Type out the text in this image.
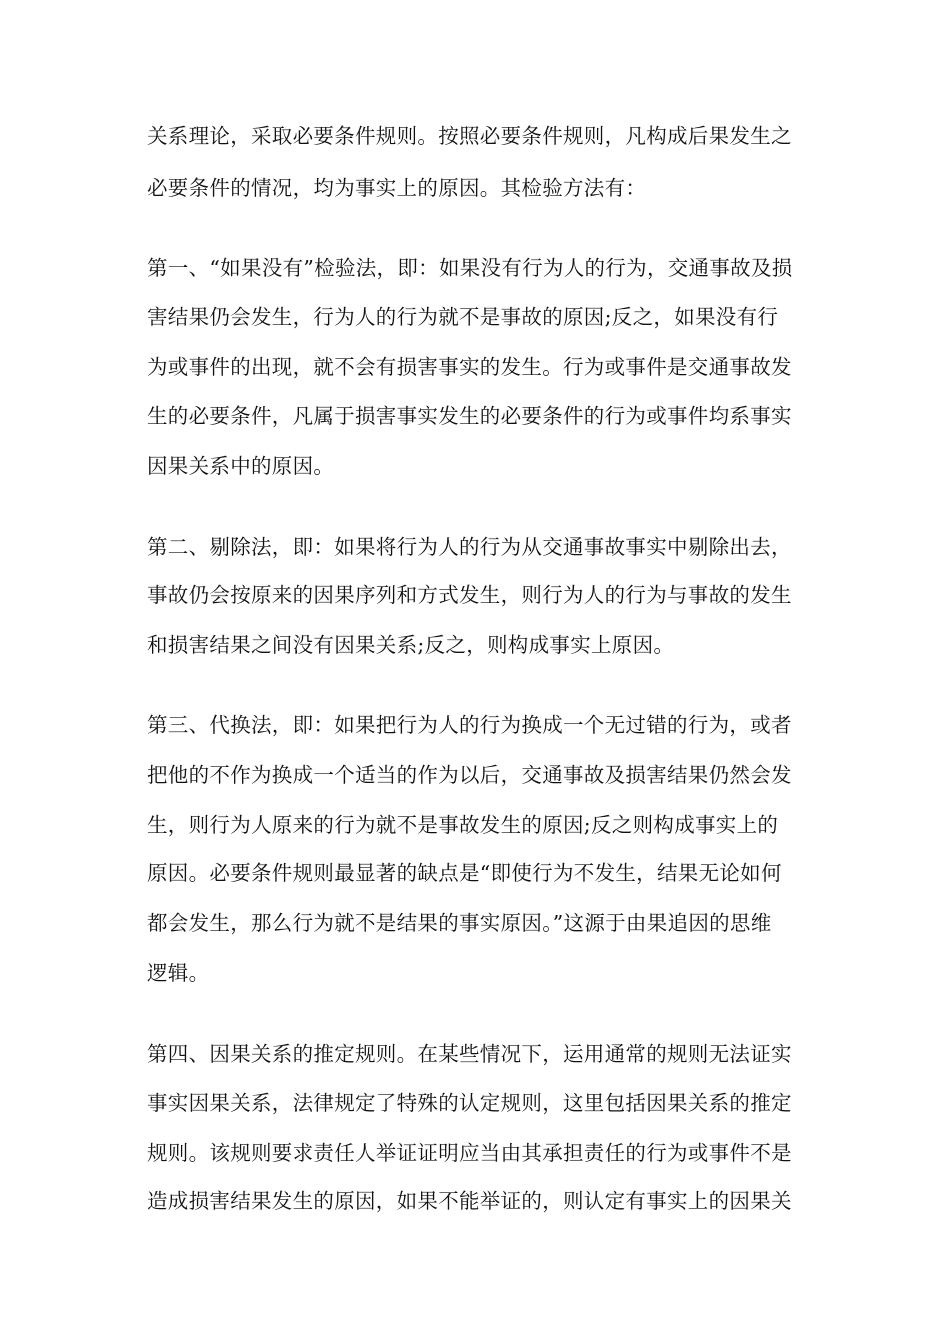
关系理论，采取必要条件规则。按照必要条件规则，凡构成后果发生之
必要条件的情况，均为事实上的原因。其检验方法有：
第一、“如果没有”检验法，即：如果没有行为人的行为，交通事故及损
害结果仍会发生，行为人的行为就不是事故的原因;反之，如果没有行
为或事件的出现，就不会有损害事实的发生。行为或事件是交通事故发
生的必要条件，凡属于损害事实发生的必要条件的行为或事件均系事实
因果关系中的原因。
第二、剔除法，即：如果将行为人的行为从交通事故事实中剔除出去，
事故仍会按原来的因果序列和方式发生，则行为人的行为与事故的发生
和损害结果之间没有因果关系;反之，则构成事实上原因。
第三、代换法，即：如果把行为人的行为换成一个无过错的行为，或者
把他的不作为换成一个适当的作为以后，交通事故及损害结果仍然会发
生，则行为人原来的行为就不是事故发生的原因;反之则构成事实上的
原因。必要条件规则最显著的缺点是“即使行为不发生，结果无论如何
都会发生，那么行为就不是结果的事实原因。”这源于由果追因的思维
逻辑。
第四、因果关系的推定规则。在某些情况下，运用通常的规则无法证实
事实因果关系，法律规定了特殊的认定规则，这里包括因果关系的推定
规则。该规则要求责任人举证证明应当由其承担责任的行为或事件不是
造成损害结果发生的原因，如果不能举证的，则认定有事实上的因果关
